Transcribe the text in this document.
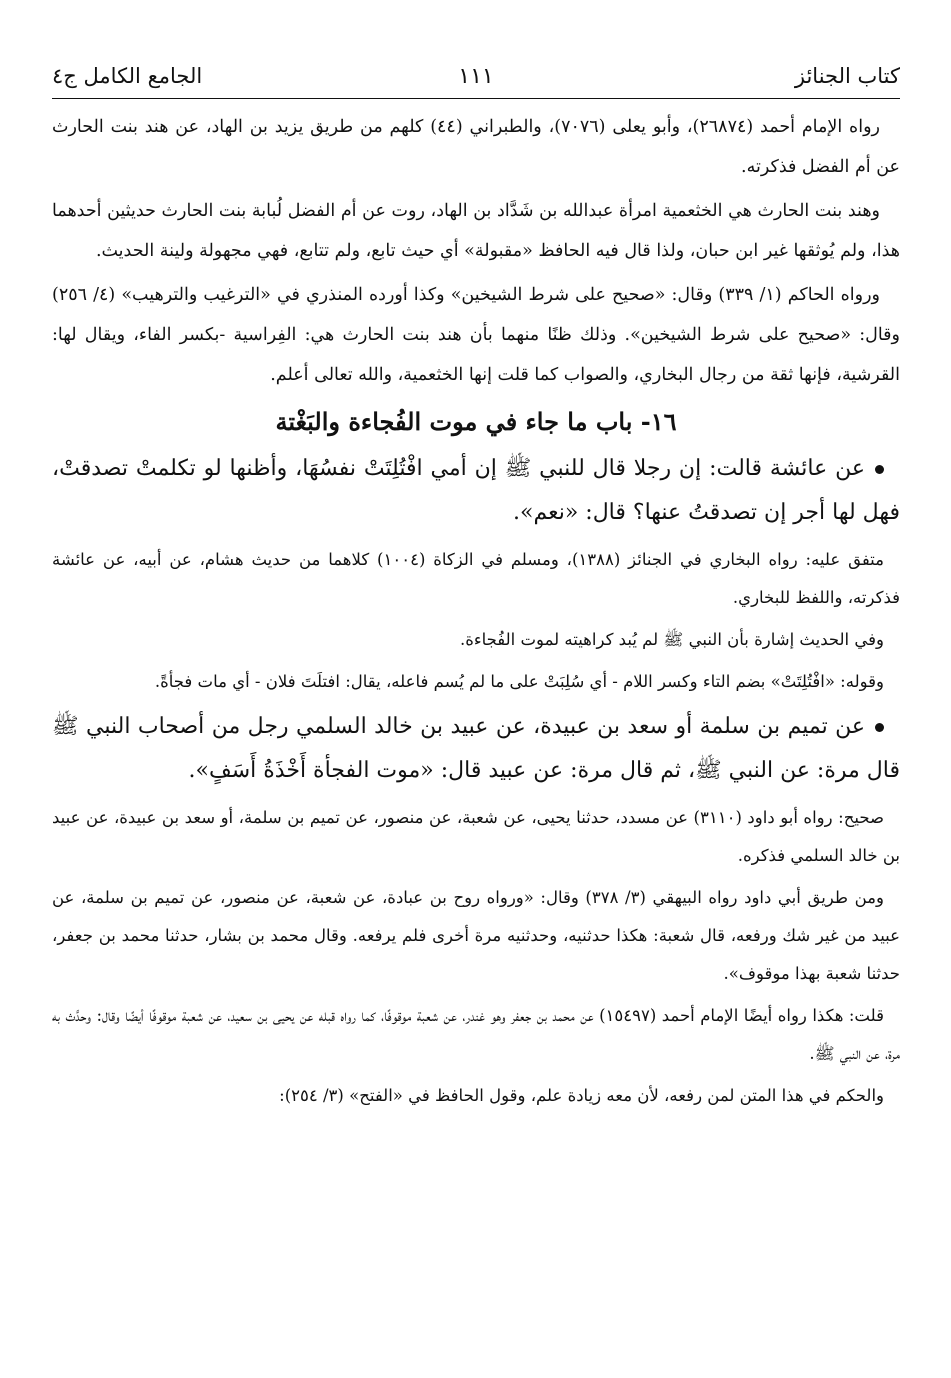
كتاب الجنائز
١١١
الجامع الكامل ج٤

رواه الإمام أحمد (٢٦٨٧٤)، وأبو يعلى (٧٠٧٦)، والطبراني (٤٤) كلهم من طريق يزيد بن الهاد، عن هند بنت الحارث عن أم الفضل فذكرته.

وهند بنت الحارث هي الخثعمية امرأة عبدالله بن شَدَّاد بن الهاد، روت عن أم الفضل لُبابة بنت الحارث حديثين أحدهما هذا، ولم يُوثقها غير ابن حبان، ولذا قال فيه الحافظ «مقبولة» أي حيث تابع، ولم تتابع، فهي مجهولة ولينة الحديث.

ورواه الحاكم (١/ ٣٣٩) وقال: «صحيح على شرط الشيخين» وكذا أورده المنذري في «الترغيب والترهيب» (٤/ ٢٥٦) وقال: «صحيح على شرط الشيخين». وذلك ظنًا منهما بأن هند بنت الحارث هي: الفِراسية -بكسر الفاء، ويقال لها: القرشية، فإنها ثقة من رجال البخاري، والصواب كما قلت إنها الخثعمية، والله تعالى أعلم.

١٦- باب ما جاء في موت الفُجاءة والبَغْتة

عن عائشة قالت: إن رجلا قال للنبي ﷺ إن أمي افْتُلِتَتْ نفسُهَا، وأظنها لو تكلمتْ تصدقتْ، فهل لها أجر إن تصدقتُ عنها؟ قال: «نعم».

متفق عليه: رواه البخاري في الجنائز (١٣٨٨)، ومسلم في الزكاة (١٠٠٤) كلاهما من حديث هشام، عن أبيه، عن عائشة فذكرته، واللفظ للبخاري.

وفي الحديث إشارة بأن النبي ﷺ لم يُبد كراهيته لموت الفُجاءة.

وقوله: «افْتُلِتَتْ» بضم التاء وكسر اللام - أي سُلِبَتْ على ما لم يُسم فاعله، يقال: افتلَتَ فلان - أي مات فجأةً.

عن تميم بن سلمة أو سعد بن عبيدة، عن عبيد بن خالد السلمي رجل من أصحاب النبي ﷺ قال مرة: عن النبي ﷺ، ثم قال مرة: عن عبيد قال: «موت الفجأة أَخْذَةُ أَسَفٍ».

صحيح: رواه أبو داود (٣١١٠) عن مسدد، حدثنا يحيى، عن شعبة، عن منصور، عن تميم بن سلمة، أو سعد بن عبيدة، عن عبيد بن خالد السلمي فذكره.

ومن طريق أبي داود رواه البيهقي (٣/ ٣٧٨) وقال: «ورواه روح بن عبادة، عن شعبة، عن منصور، عن تميم بن سلمة، عن عبيد من غير شك ورفعه، قال شعبة: هكذا حدثنيه، وحدثنيه مرة أخرى فلم يرفعه. وقال محمد بن بشار، حدثنا محمد بن جعفر، حدثنا شعبة بهذا موقوف».

قلت: هكذا رواه أيضًا الإمام أحمد (١٥٤٩٧) عن محمد بن جعفر وهو غندر، عن شعبة موقوفًا، كما رواه قبله عن يحيى بن سعيد، عن شعبة موقوفًا أيضًا وقال: وحدَّث به مرة، عن النبي ﷺ.

والحكم في هذا المتن لمن رفعه، لأن معه زيادة علم، وقول الحافظ في «الفتح» (٣/ ٢٥٤):
